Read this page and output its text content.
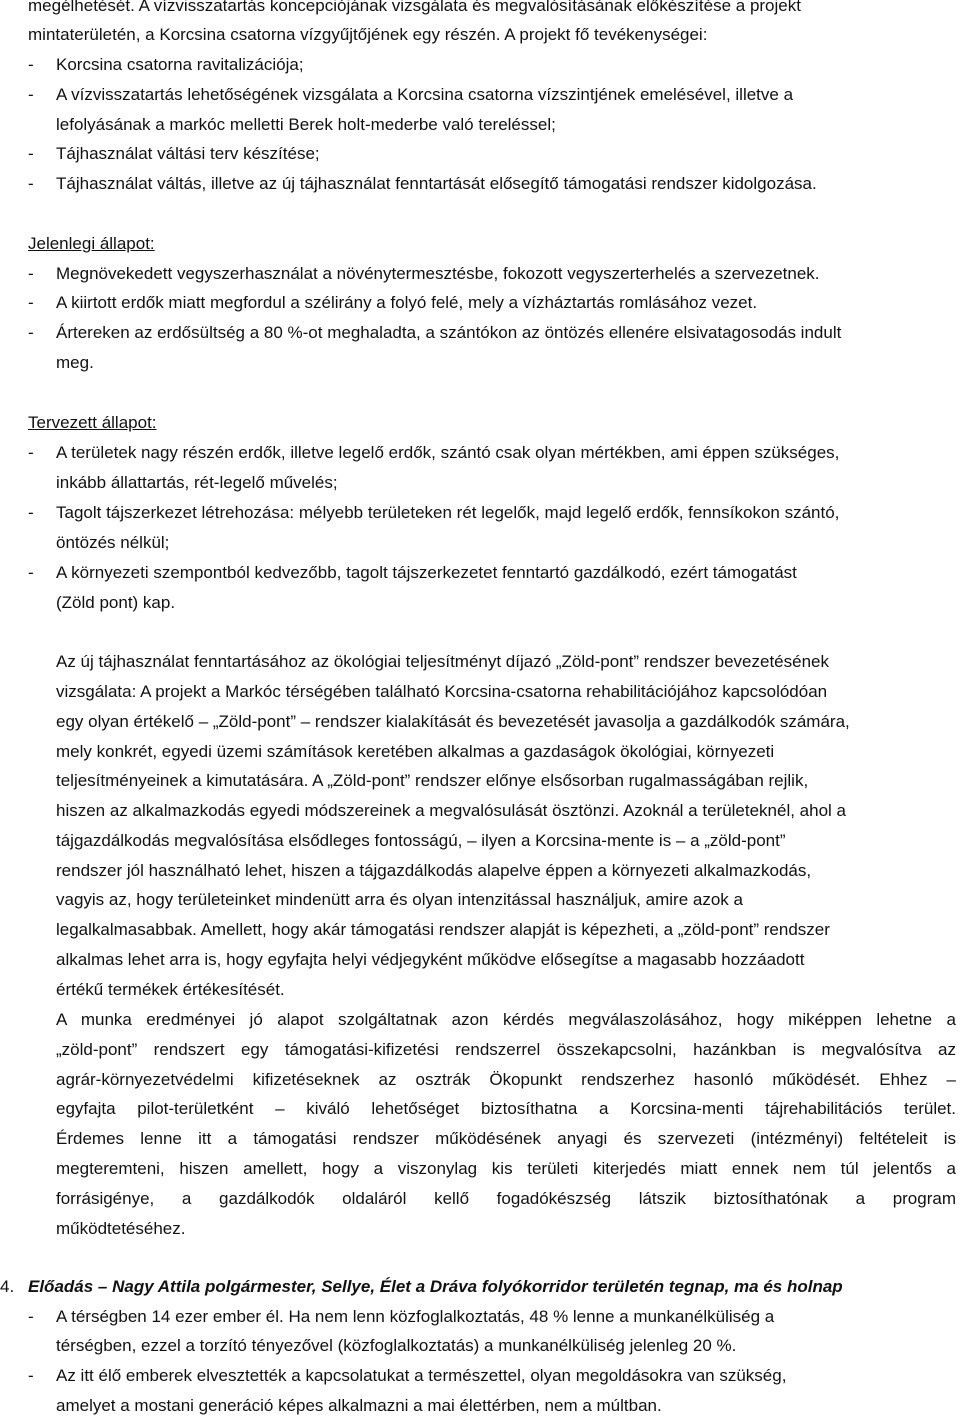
megélhetését. A vízvisszatartás koncepciójának vizsgálata és megvalósításának előkészítése a projekt
mintaterületén, a Korcsina csatorna vízgyűjtőjének egy részén. A projekt fő tevékenységei:
- Korcsina csatorna ravitalizációja;
- A vízvisszatartás lehetőségének vizsgálata a Korcsina csatorna vízszintjének emelésével, illetve a
lefolyásának a markóc melletti Berek holt-mederbe való tereléssel;
- Tájhasználat váltási terv készítése;
- Tájhasználat váltás, illetve az új tájhasználat fenntartását elősegítő támogatási rendszer kidolgozása.
Jelenlegi állapot:
- Megnövekedett vegyszerhasználat a növénytermesztésbe, fokozott vegyszerterhelés a szervezetnek.
- A kiirtott erdők miatt megfordul a szélirány a folyó felé, mely a vízháztartás romlásához vezet.
- Ártereken az erdősültség a 80 %-ot meghaladta, a szántókon az öntözés ellenére elsivatagosodás indult
meg.
Tervezett állapot:
- A területek nagy részén erdők, illetve legelő erdők, szántó csak olyan mértékben, ami éppen szükséges,
inkább állattartás, rét-legelő művelés;
- Tagolt tájszerkezet létrehozása: mélyebb területeken rét legelők, majd legelő erdők, fennsíkokon szántó,
öntözés nélkül;
- A környezeti szempontból kedvezőbb, tagolt tájszerkezetet fenntartó gazdálkodó, ezért támogatást
(Zöld pont) kap.
Az új tájhasználat fenntartásához az ökológiai teljesítményt díjazó „Zöld-pont” rendszer bevezetésének
vizsgálata: A projekt a Markóc térségében található Korcsina-csatorna rehabilitációjához kapcsolódóan
egy olyan értékelő – „Zöld-pont” – rendszer kialakítását és bevezetését javasolja a gazdálkodók számára,
mely konkrét, egyedi üzemi számítások keretében alkalmas a gazdaságok ökológiai, környezeti
teljesítményeinek a kimutatására. A „Zöld-pont” rendszer előnye elsősorban rugalmasságában rejlik,
hiszen az alkalmazkodás egyedi módszereinek a megvalósulását ösztönzi. Azoknál a területeknél, ahol a
tájgazdálkodás megvalósítása elsődleges fontosságú, – ilyen a Korcsina-mente is – a „zöld-pont”
rendszer jól használható lehet, hiszen a tájgazdálkodás alapelve éppen a környezeti alkalmazkodás,
vagyis az, hogy területeinket mindenütt arra és olyan intenzitással használjuk, amire azok a
legalkalmasabbak. Amellett, hogy akár támogatási rendszer alapját is képezheti, a „zöld-pont” rendszer
alkalmas lehet arra is, hogy egyfajta helyi védjegyként működve elősegítse a magasabb hozzáadott
értékű termékek értékesítését.
A munka eredményei jó alapot szolgáltatnak azon kérdés megválaszolásához, hogy miképpen lehetne a
„zöld-pont” rendszert egy támogatási-kifizetési rendszerrel összekapcsolni, hazánkban is megvalósítva az
agrár-környezetvédelmi kifizetéseknek az osztrák Ökopunkt rendszerhez hasonló működését. Ehhez –
egyfajta pilot-területként – kiváló lehetőséget biztosíthatna a Korcsina-menti tájrehabilitációs terület.
Érdemes lenne itt a támogatási rendszer működésének anyagi és szervezeti (intézményi) feltételeit is
megteremteni, hiszen amellett, hogy a viszonylag kis területi kiterjedés miatt ennek nem túl jelentős a
forrásigénye, a gazdálkodók oldaláról kellő fogadókészség látszik biztosíthatónak a program
működtetéséhez.
4. Előadás – Nagy Attila polgármester, Sellye, Élet a Dráva folyókorridor területén tegnap, ma és holnap
- A térségben 14 ezer ember él. Ha nem lenn közfoglalkoztatás, 48 % lenne a munkanélküliség a
térségben, ezzel a torzító tényezővel (közfoglalkoztatás) a munkanélküliség jelenleg 20 %.
- Az itt élő emberek elvesztették a kapcsolatukat a természettel, olyan megoldásokra van szükség,
amelyet a mostani generáció képes alkalmazni a mai élettérben, nem a múltban.
